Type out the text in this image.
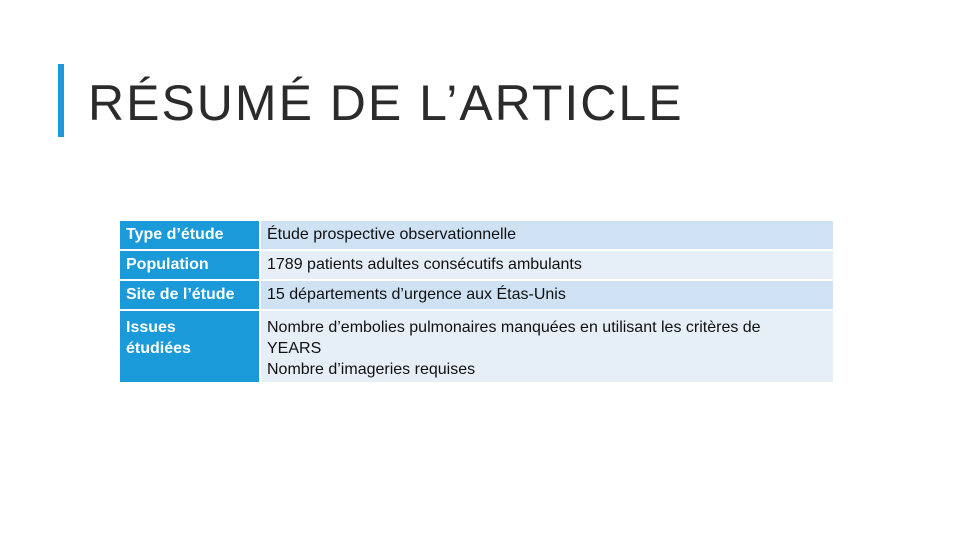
RÉSUMÉ DE L’ARTICLE
Type d’étude	Étude prospective observationnelle
Population	1789 patients adultes consécutifs ambulants
Site de l’étude	15 départements d’urgence aux Étas-Unis

Issues
étudiées	Nombre d’embolies pulmonaires manquées en utilisant les critères de
YEARS
Nombre d’imageries requises
